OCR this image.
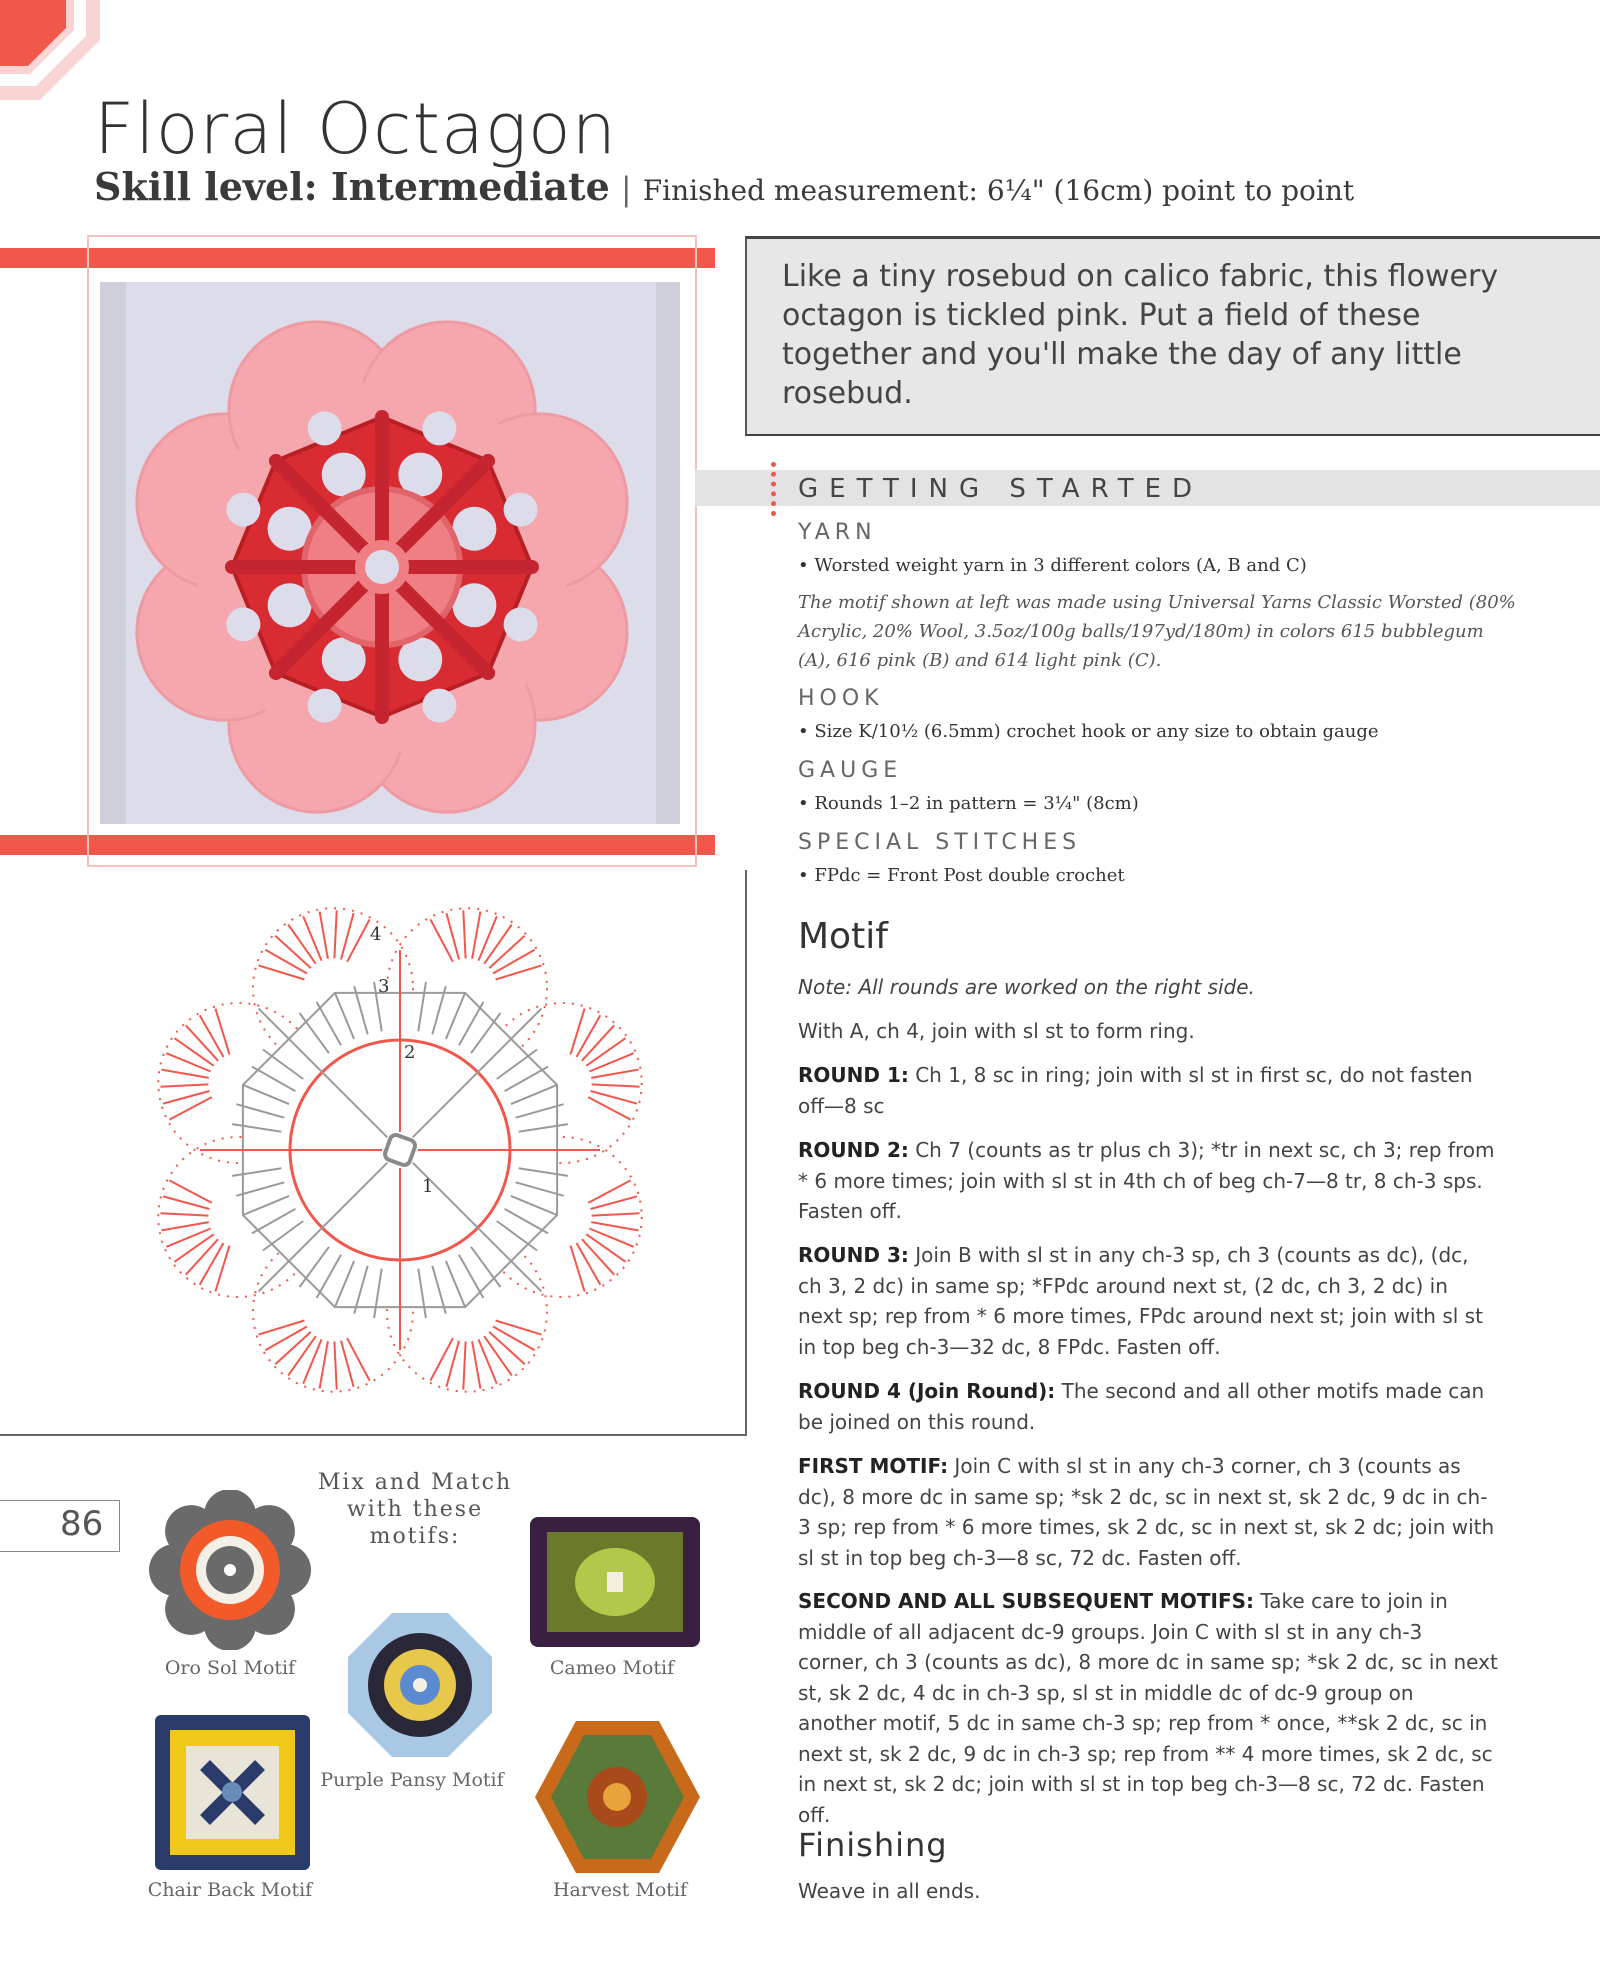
Floral Octagon
Skill level: Intermediate | Finished measurement: 6¼" (16cm) point to point
Like a tiny rosebud on calico fabric, this flowery octagon is tickled pink. Put a field of these together and you'll make the day of any little rosebud.
GETTING STARTED
YARN
• Worsted weight yarn in 3 different colors (A, B and C)
The motif shown at left was made using Universal Yarns Classic Worsted (80% Acrylic, 20% Wool, 3.5oz/100g balls/197yd/180m) in colors 615 bubblegum (A), 616 pink (B) and 614 light pink (C).
HOOK
• Size K/10½ (6.5mm) crochet hook or any size to obtain gauge
GAUGE
• Rounds 1–2 in pattern = 3¼" (8cm)
SPECIAL STITCHES
• FPdc = Front Post double crochet
Motif
Note: All rounds are worked on the right side.
With A, ch 4, join with sl st to form ring.
ROUND 1: Ch 1, 8 sc in ring; join with sl st in first sc, do not fasten off—8 sc
ROUND 2: Ch 7 (counts as tr plus ch 3); *tr in next sc, ch 3; rep from * 6 more times; join with sl st in 4th ch of beg ch-7—8 tr, 8 ch-3 sps. Fasten off.
ROUND 3: Join B with sl st in any ch-3 sp, ch 3 (counts as dc), (dc, ch 3, 2 dc) in same sp; *FPdc around next st, (2 dc, ch 3, 2 dc) in next sp; rep from * 6 more times, FPdc around next st; join with sl st in top beg ch-3—32 dc, 8 FPdc. Fasten off.
ROUND 4 (Join Round): The second and all other motifs made can be joined on this round.
FIRST MOTIF: Join C with sl st in any ch-3 corner, ch 3 (counts as dc), 8 more dc in same sp; *sk 2 dc, sc in next st, sk 2 dc, 9 dc in ch-3 sp; rep from * 6 more times, sk 2 dc, sc in next st, sk 2 dc; join with sl st in top beg ch-3—8 sc, 72 dc. Fasten off.
SECOND AND ALL SUBSEQUENT MOTIFS: Take care to join in middle of all adjacent dc-9 groups. Join C with sl st in any ch-3 corner, ch 3 (counts as dc), 8 more dc in same sp; *sk 2 dc, sc in next st, sk 2 dc, 4 dc in ch-3 sp, sl st in middle dc of dc-9 group on another motif, 5 dc in same ch-3 sp; rep from * once, **sk 2 dc, sc in next st, sk 2 dc, 9 dc in ch-3 sp; rep from ** 4 more times, sk 2 dc, sc in next st, sk 2 dc; join with sl st in top beg ch-3—8 sc, 72 dc. Fasten off.
Finishing
Weave in all ends.
1
2
3
4
86
Mix and Match with these motifs:
Oro Sol Motif	Cameo Motif
Purple Pansy Motif
Chair Back Motif	Harvest Motif
